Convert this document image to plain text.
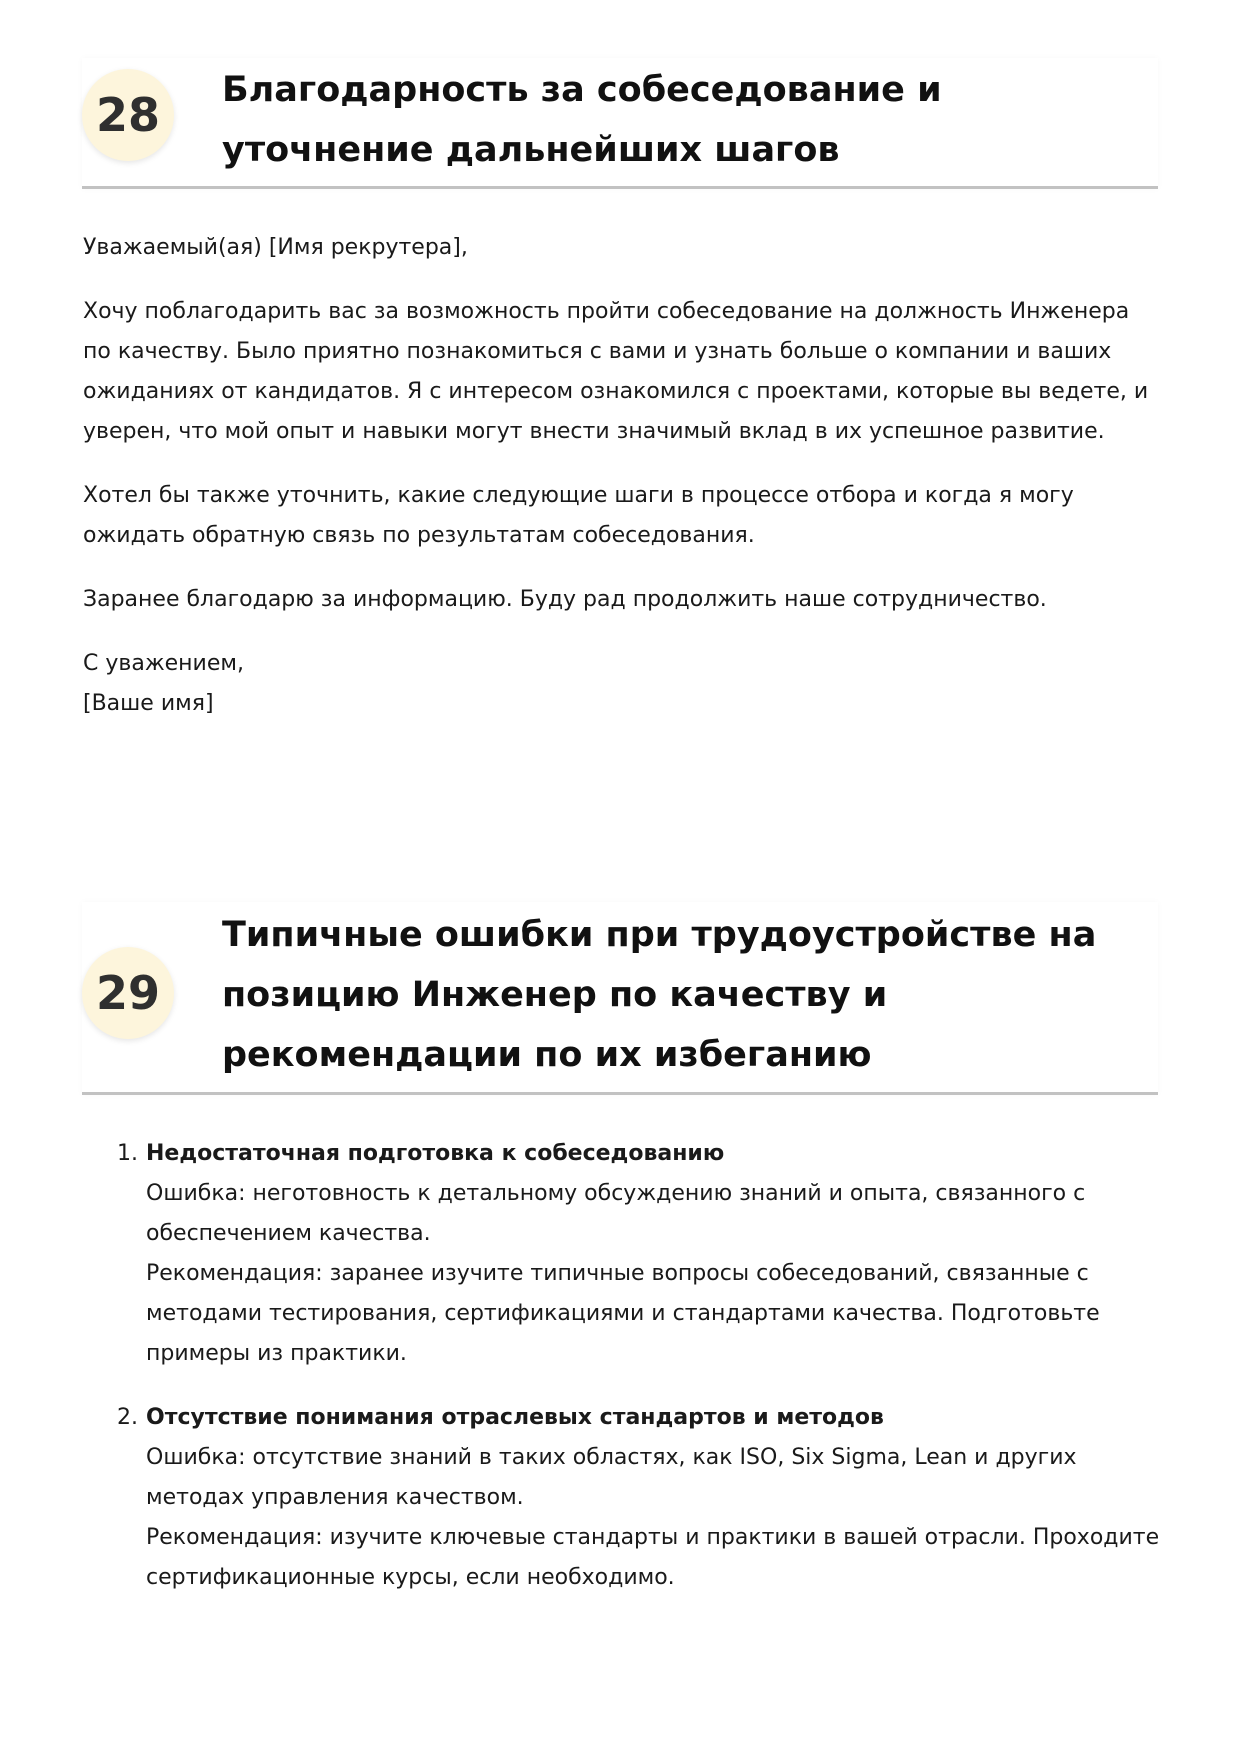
28 Благодарность за собеседование и уточнение дальнейших шагов

Уважаемый(ая) [Имя рекрутера],

Хочу поблагодарить вас за возможность пройти собеседование на должность Инженера по качеству. Было приятно познакомиться с вами и узнать больше о компании и ваших ожиданиях от кандидатов. Я с интересом ознакомился с проектами, которые вы ведете, и уверен, что мой опыт и навыки могут внести значимый вклад в их успешное развитие.

Хотел бы также уточнить, какие следующие шаги в процессе отбора и когда я могу ожидать обратную связь по результатам собеседования.

Заранее благодарю за информацию. Буду рад продолжить наше сотрудничество.

С уважением,

[Ваше имя]

29
Типичные ошибки при трудоустройстве на позицию Инженер по качеству и рекомендации по их избеганию
1. Недостаточная подготовка к собеседованию
Ошибка: неготовность к детальному обсуждению знаний и опыта, связанного с обеспечением качества.
Рекомендация: заранее изучите типичные вопросы собеседований, связанные с методами тестирования, сертификациями и стандартами качества. Подготовьте примеры из практики.
2. Отсутствие понимания отраслевых стандартов и методов
Ошибка: отсутствие знаний в таких областях, как ISO, Six Sigma, Lean и других методах управления качеством.
Рекомендация: изучите ключевые стандарты и практики в вашей отрасли. Проходите сертификационные курсы, если необходимо.
